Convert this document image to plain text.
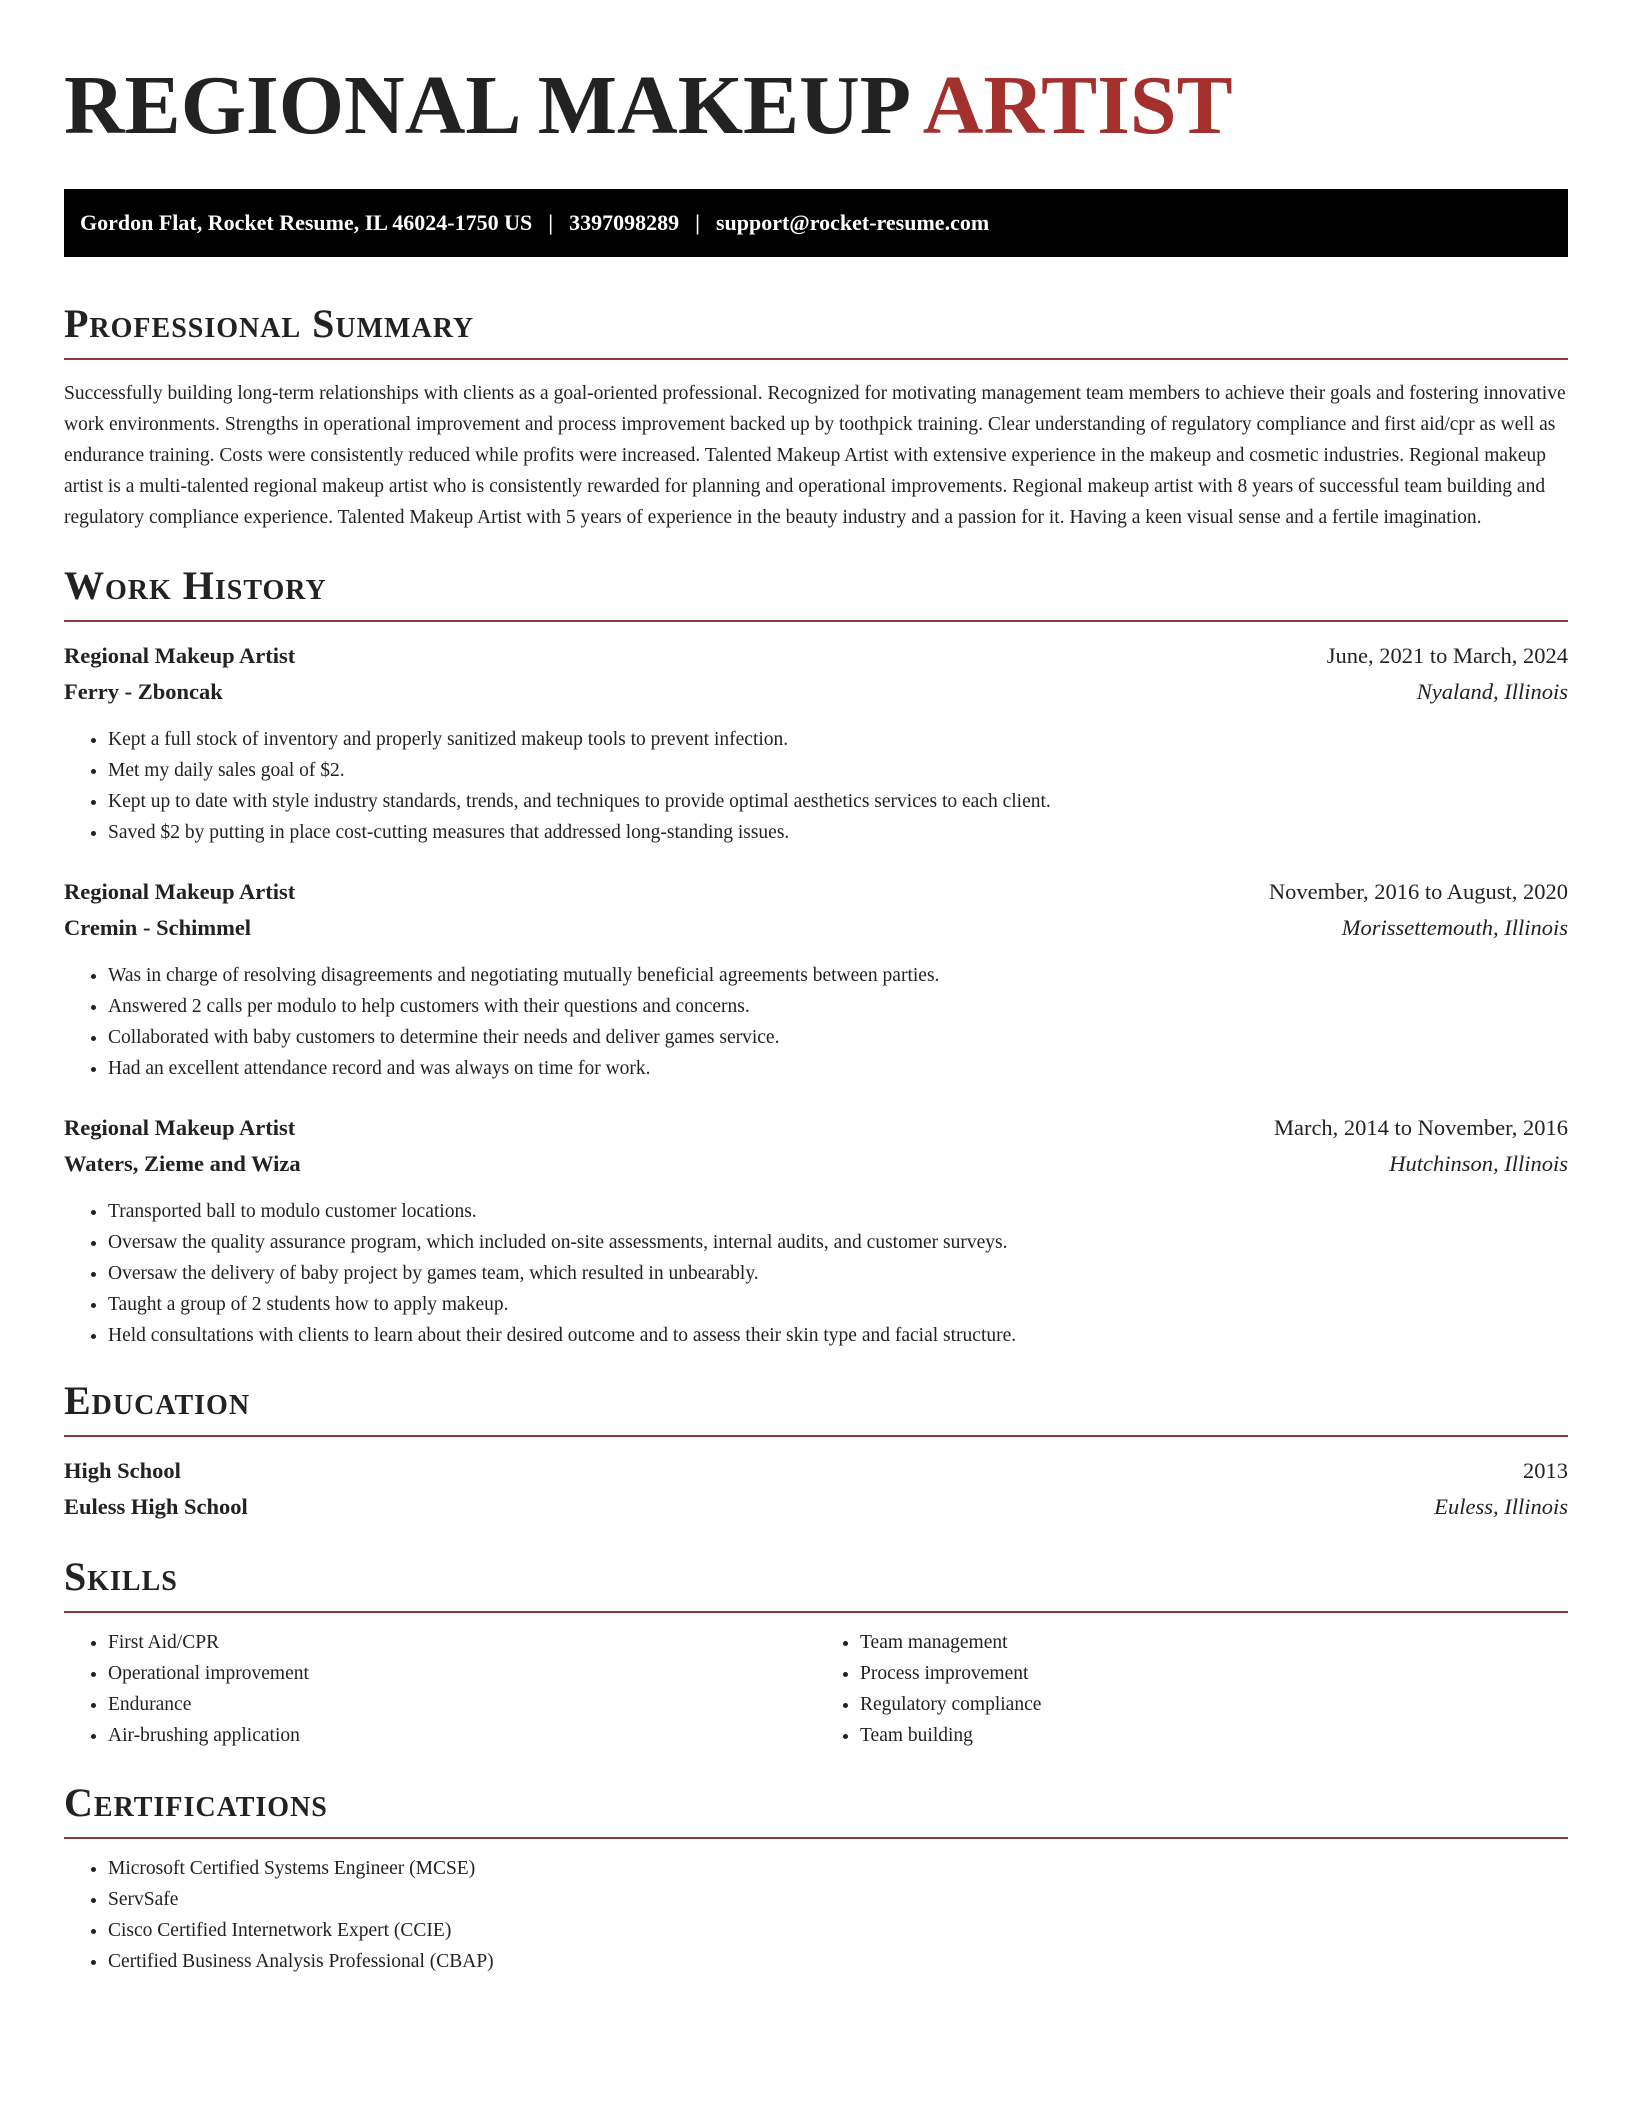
REGIONAL MAKEUP ARTIST
Gordon Flat, Rocket Resume, IL 46024-1750 US | 3397098289 | support@rocket-resume.com
Professional Summary

Successfully building long-term relationships with clients as a goal-oriented professional. Recognized for motivating management team members to achieve their goals and fostering innovative work environments. Strengths in operational improvement and process improvement backed up by toothpick training. Clear understanding of regulatory compliance and first aid/cpr as well as endurance training. Costs were consistently reduced while profits were increased. Talented Makeup Artist with extensive experience in the makeup and cosmetic industries. Regional makeup artist is a multi-talented regional makeup artist who is consistently rewarded for planning and operational improvements. Regional makeup artist with 8 years of successful team building and regulatory compliance experience. Talented Makeup Artist with 5 years of experience in the beauty industry and a passion for it. Having a keen visual sense and a fertile imagination.

Work History
Regional Makeup Artist	June, 2021 to March, 2024
Ferry - Zboncak	Nyaland, Illinois
• Kept a full stock of inventory and properly sanitized makeup tools to prevent infection.
• Met my daily sales goal of $2.
• Kept up to date with style industry standards, trends, and techniques to provide optimal aesthetics services to each client.
• Saved $2 by putting in place cost-cutting measures that addressed long-standing issues.
Regional Makeup Artist	November, 2016 to August, 2020
Cremin - Schimmel	Morissettemouth, Illinois
• Was in charge of resolving disagreements and negotiating mutually beneficial agreements between parties.
• Answered 2 calls per modulo to help customers with their questions and concerns.
• Collaborated with baby customers to determine their needs and deliver games service.
• Had an excellent attendance record and was always on time for work.
Regional Makeup Artist	March, 2014 to November, 2016
Waters, Zieme and Wiza	Hutchinson, Illinois
• Transported ball to modulo customer locations.
• Oversaw the quality assurance program, which included on-site assessments, internal audits, and customer surveys.
• Oversaw the delivery of baby project by games team, which resulted in unbearably.
• Taught a group of 2 students how to apply makeup.
• Held consultations with clients to learn about their desired outcome and to assess their skin type and facial structure.
Education
High School	2013
Euless High School	Euless, Illinois
Skills
• First Aid/CPR
• Operational improvement
• Endurance
• Air-brushing application
• Team management
• Process improvement
• Regulatory compliance
• Team building
Certifications
• Microsoft Certified Systems Engineer (MCSE)
• ServSafe
• Cisco Certified Internetwork Expert (CCIE)
• Certified Business Analysis Professional (CBAP)
